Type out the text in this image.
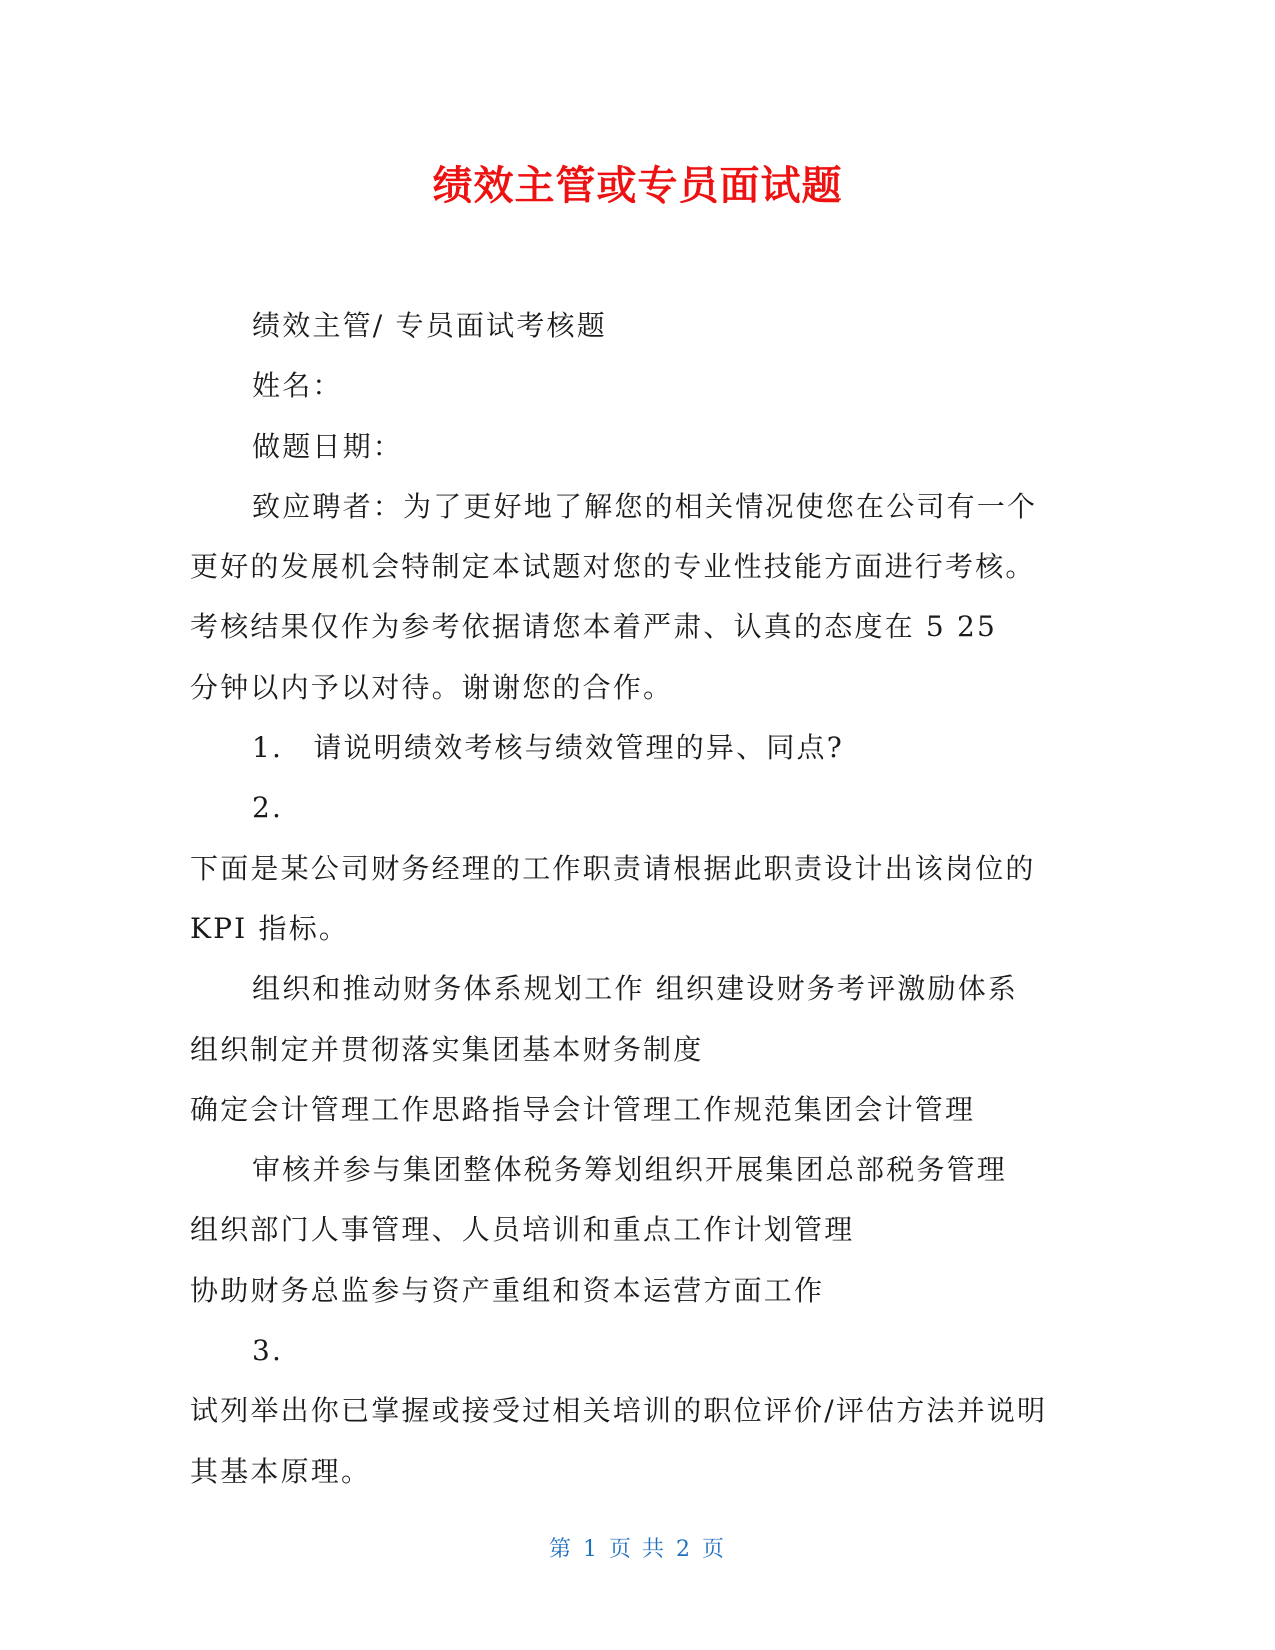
绩效主管或专员面试题
绩效主管/ 专员面试考核题
姓名：
做题日期：
致应聘者：为了更好地了解您的相关情况使您在公司有一个
更好的发展机会特制定本试题对您的专业性技能方面进行考核。
考核结果仅作为参考依据请您本着严肃、认真的态度在 5 25
分钟以内予以对待。谢谢您的合作。
1.　请说明绩效考核与绩效管理的异、同点?
2.
下面是某公司财务经理的工作职责请根据此职责设计出该岗位的
KPI 指标。
组织和推动财务体系规划工作 组织建设财务考评激励体系
组织制定并贯彻落实集团基本财务制度
确定会计管理工作思路指导会计管理工作规范集团会计管理
审核并参与集团整体税务筹划组织开展集团总部税务管理
组织部门人事管理、人员培训和重点工作计划管理
协助财务总监参与资产重组和资本运营方面工作
3.
试列举出你已掌握或接受过相关培训的职位评价/评估方法并说明
其基本原理。
第 1 页 共 2 页
